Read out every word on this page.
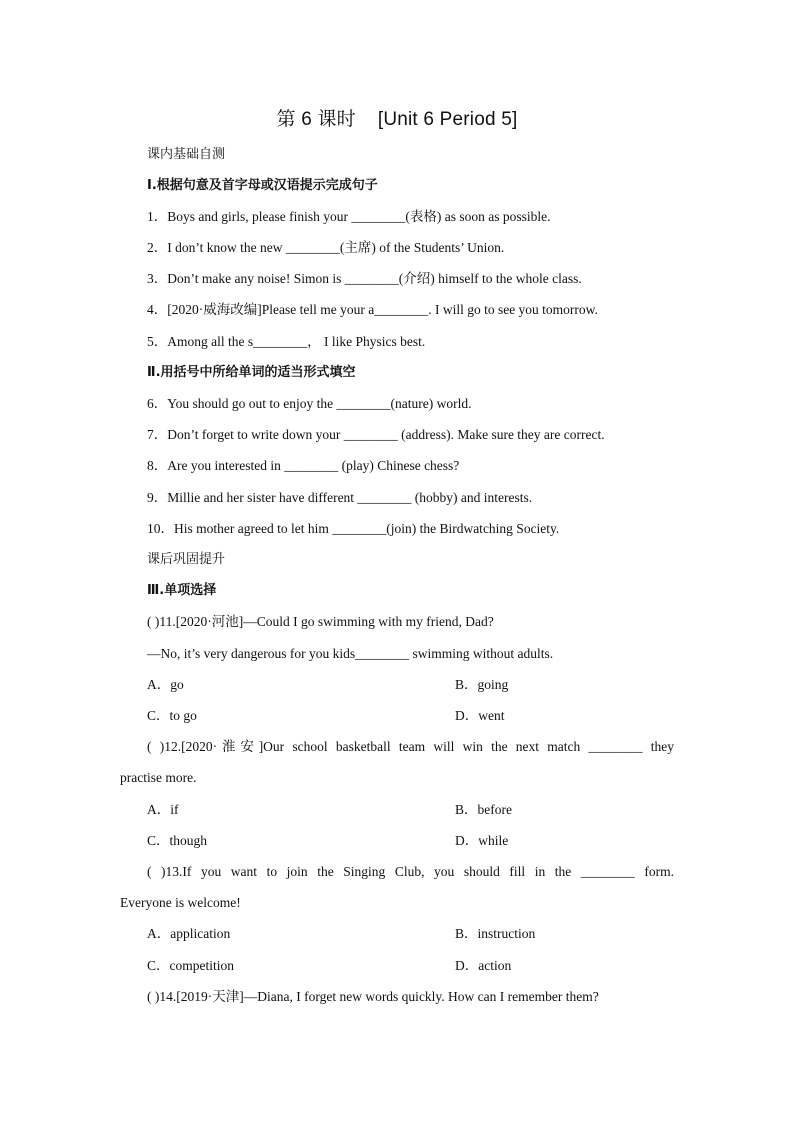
第 6 课时 [Unit 6 Period 5]
课内基础自测
Ⅰ.根据句意及首字母或汉语提示完成句子
1．Boys and girls, please finish your ________(表格) as soon as possible.
2．I don’t know the new ________(主席) of the Students’ Union.
3．Don’t make any noise! Simon is ________(介绍) himself to the whole class.
4．[2020·威海改编]Please tell me your a________. I will go to see you tomorrow.
5．Among all the s________， I like Physics best.
Ⅱ.用括号中所给单词的适当形式填空
6．You should go out to enjoy the ________(nature) world.
7．Don’t forget to write down your ________ (address). Make sure they are correct.
8．Are you interested in ________ (play) Chinese chess?
9．Millie and her sister have different ________ (hobby) and interests.
10．His mother agreed to let him ________(join) the Birdwatching Society.
课后巩固提升
Ⅲ.单项选择
( )11.[2020·河池]—Could I go swimming with my friend, Dad?
—No, it’s very dangerous for you kids________ swimming without adults.
A．go	B．going
C．to go	D．went
( )12.[2020·淮安]Our school basketball team will win the next match ________ they
practise more.
A．if	B．before
C．though	D．while
( )13.If you want to join the Singing Club, you should fill in the ________ form.
Everyone is welcome!
A．application	B．instruction
C．competition	D．action
( )14.[2019·天津]—Diana, I forget new words quickly. How can I remember them?
